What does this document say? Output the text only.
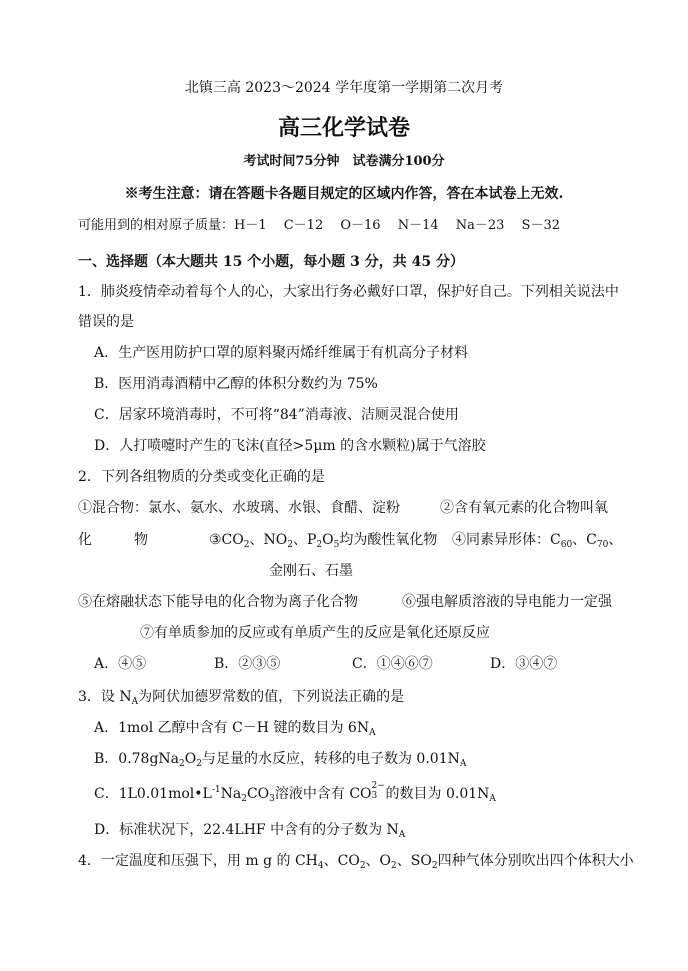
北镇三高 2023～2024 学年度第一学期第二次月考
高三化学试卷
考试时间75分钟　试卷满分100分
※考生注意：请在答题卡各题目规定的区域内作答，答在本试卷上无效.
可能用到的相对原子质量：H－1　 C－12　 O－16　 N－14　 Na－23　 S－32
一、选择题（本大题共 15 个小题，每小题 3 分，共 45 分）
1．肺炎疫情牵动着每个人的心，大家出行务必戴好口罩，保护好自己。下列相关说法中
错误的是
A．生产医用防护口罩的原料聚丙烯纤维属于有机高分子材料
B．医用消毒酒精中乙醇的体积分数约为 75%
C．居家环境消毒时，不可将“84”消毒液、洁厕灵混合使用
D．人打喷嚏时产生的飞沫(直径>5μm 的含水颗粒)属于气溶胶
2．下列各组物质的分类或变化正确的是
①混合物：氯水、氨水、水玻璃、水银、食醋、淀粉	②含有氧元素的化合物叫氧
化	物	$③CO_2$、$NO_2$、$P_2O_5$均为酸性氧化物 ④同素异形体：$C_{60}$、$C_{70}$、
金刚石、石墨
⑤在熔融状态下能导电的化合物为离子化合物	⑥强电解质溶液的导电能力一定强
⑦有单质参加的反应或有单质产生的反应是氧化还原反应
A．④⑤	B．②③⑤	C．①④⑥⑦	D．③④⑦
3．设 $N_A$为阿伏加德罗常数的值，下列说法正确的是
A．1mol 乙醇中含有 C－H 键的数目为 $6N_A$
B．$0.78gNa_2O_2$与足量的水反应，转移的电子数为 $0.01N_A$
C．$1L0.01mol•L^{-1}Na_2CO_3$溶液中含有 CO 2−
3 的数目为 $0.01N_A$
D．标准状况下，22.4LHF 中含有的分子数为 $N_A$
4．一定温度和压强下，用 m g 的 $CH_4$、$CO_2$、$O_2$、$SO_2$四种气体分别吹出四个体积大小
